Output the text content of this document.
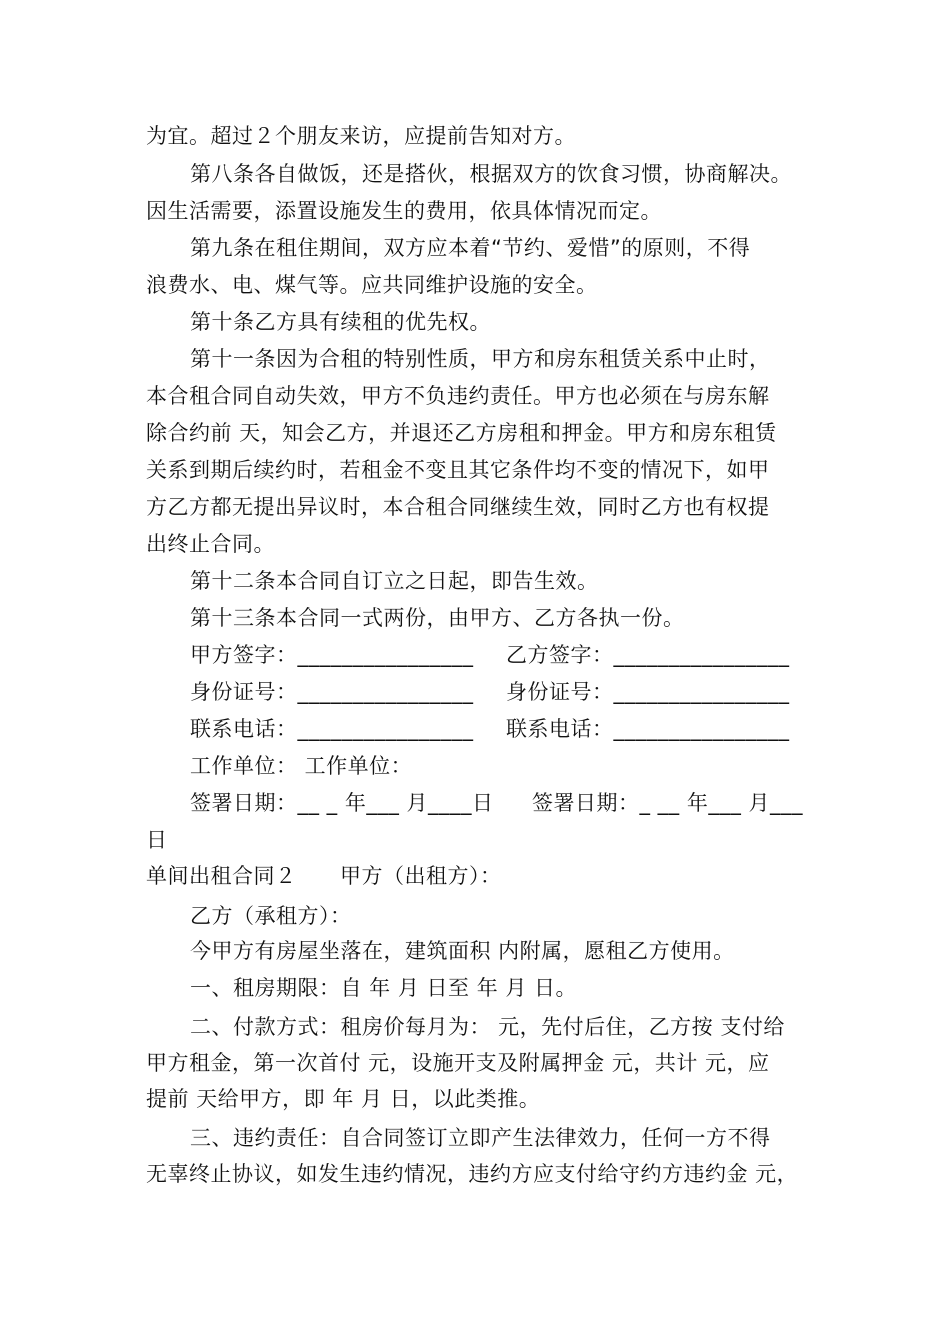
为宜。超过２个朋友来访，应提前告知对方。
第八条各自做饭，还是搭伙，根据双方的饮食习惯，协商解决。
因生活需要，添置设施发生的费用，依具体情况而定。
第九条在租住期间，双方应本着“节约、爱惜”的原则，不得
浪费水、电、煤气等。应共同维护设施的安全。
第十条乙方具有续租的优先权。
第十一条因为合租的特别性质，甲方和房东租赁关系中止时，
本合租合同自动失效，甲方不负违约责任。甲方也必须在与房东解
除合约前 天，知会乙方，并退还乙方房租和押金。甲方和房东租赁
关系到期后续约时，若租金不变且其它条件均不变的情况下，如甲
方乙方都无提出异议时，本合租合同继续生效，同时乙方也有权提
出终止合同。
第十二条本合同自订立之日起，即告生效。
第十三条本合同一式两份，由甲方、乙方各执一份。
甲方签字：________________ 乙方签字：________________
身份证号：________________ 身份证号：________________
联系电话：________________ 联系电话：________________
工作单位： 工作单位：
签署日期：__ _ 年___ 月____日 签署日期：_ __ 年___ 月___
日
单间出租合同２ 甲方（出租方）：
乙方（承租方）：
今甲方有房屋坐落在，建筑面积 内附属，愿租乙方使用。
一、租房期限：自 年 月 日至 年 月 日。
二、付款方式：租房价每月为： 元，先付后住，乙方按 支付给
甲方租金，第一次首付 元，设施开支及附属押金 元，共计 元，应
提前 天给甲方，即 年 月 日，以此类推。
三、违约责任：自合同签订立即产生法律效力，任何一方不得
无辜终止协议，如发生违约情况，违约方应支付给守约方违约金 元，
